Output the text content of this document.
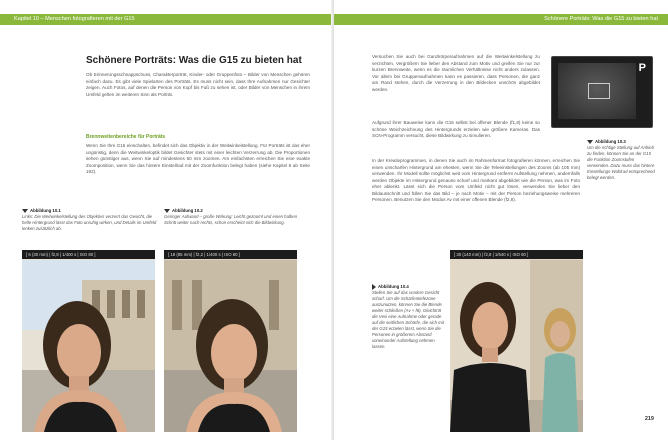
Kapitel 10 – Menschen fotografieren mit der G15
Schönere Porträts: Was die G15 zu bieten hat
Ob Erinnerungsschnappschuss, Charakterporträt, Kinder- oder Gruppenfoto – Bilder von Menschen gehören einfach dazu. Es gibt viele Spielarten des Porträts. Es muss nicht sein, dass Ihre Aufnahmen nur Gesichter zeigen. Auch Fotos, auf denen die Person von Kopf bis Fuß zu sehen ist, oder Bilder von Menschen in ihrem Umfeld gelten im weiteren Sinn als Porträt.
Brennweitenbereiche für Porträts
Wenn Sie Ihre G15 einschalten, befindet sich das Objektiv in der Weitwinkelstellung. Für Porträts ist das eher ungünstig, denn die Weitwinkeloptik bildet Gesichter stets mit einer leichten Verzerrung ab. Die Proportionen sehen günstiger aus, wenn Sie auf mindestens 50 mm zoomen. Am einfachsten erreichen Sie eine exakte Zoomposition, wenn Sie das hintere Einstellrad mit der Zoomfunktion belegt haben (siehe Kapitel 8 ab Seite 192).
Abbildung 10.1
Links: Die Weitwinkelstellung des Objektivs verzerrt das Gesicht, die helle Hintergrund lässt das Foto unruhig wirken, und Details im Umfeld lenken zusätzlich ab.
Abbildung 10.2
Geringer Aufwand – große Wirkung: Leicht gezoomt und einen halben Schritt weiter nach rechts, schon erscheint sich die Bildwirkung.
[ 6 (30 mm) | f2,8 | 1/400 s | ISO 80 ]	[ 18 (85 mm) | f2,2 | 1/400 s | ISO 80 ]
Schönere Porträts: Was die G15 zu bieten hat
Versuchen Sie auch bei Ganzkörperaufnahmen auf die Weitwinkelstellung zu verzichten. Vergrößern Sie lieber den Abstand zum Motiv und greifen Sie nur zur kurzen Brennweite, wenn es die räumlichen Verhältnisse nicht anders zulassen. Vor allem bei Gruppenaufnahmen kann es passieren, dass Personen, die ganz am Rand stehen, durch die Verzerrung in den Bildecken unschön abgebildet werden.
Aufgrund ihrer Bauweise kann die G15 selbst bei offener Blende (f1,8) keine so schöne Weichzeichnung des Hintergrunds erzielen wie größere Kameras. Das SCN-Programm versucht, diese Bildwirkung zu simulieren.
In der Kreativprogrammen, in denen Sie auch im Rahmenformat fotografieren können, erreichen Sie einen unscharfen Hintergrund am ehesten, wenn Sie die Teleeinstellungen des Zooms (ab 105 mm) verwenden. Ihr Modell sollte möglichst weit vom Hintergrund entfernt Aufstellung nehmen, andernfalls werden Objekte im Hintergrund genauso scharf und markant abgebildet wie die Person, was im Foto eher ablenkt. Lässt sich die Person vom Umfeld nicht gut lösen, verwenden Sie lieber den Bildausschnitt und füllen Sie das Bild – je nach Motiv – mit der Person beziehungsweise mehreren Personen. Benutzen Sie den Modus Av mit einer offenen Blende (f2,8).
P
Abbildung 10.3
Um die richtige Stellung auf Anhieb zu finden, können Sie an der G15 die Funktion Zoomstufen verwenden. Dazu muss das hintere Einstellungs-Wahlrad entsprechend belegt werden.
Abbildung 10.4
Stellen Sie auf das vordere Gesicht scharf. Um die Schärfentiefezone auszunutzen, können Sie die Blende weiter schließen (Av + f8). Gleichtritt die Vesi eine Aufnahme oder gerade auf die seitlichen Schärfe, die sich mit der G15 erzielen lässt, wenn Sie die Personen in größerem Abstand voneinander Aufstellung nehmen lassen.
[ 30 (140 mm) | f2,8 | 1/640 s | ISO 80 ]
219
